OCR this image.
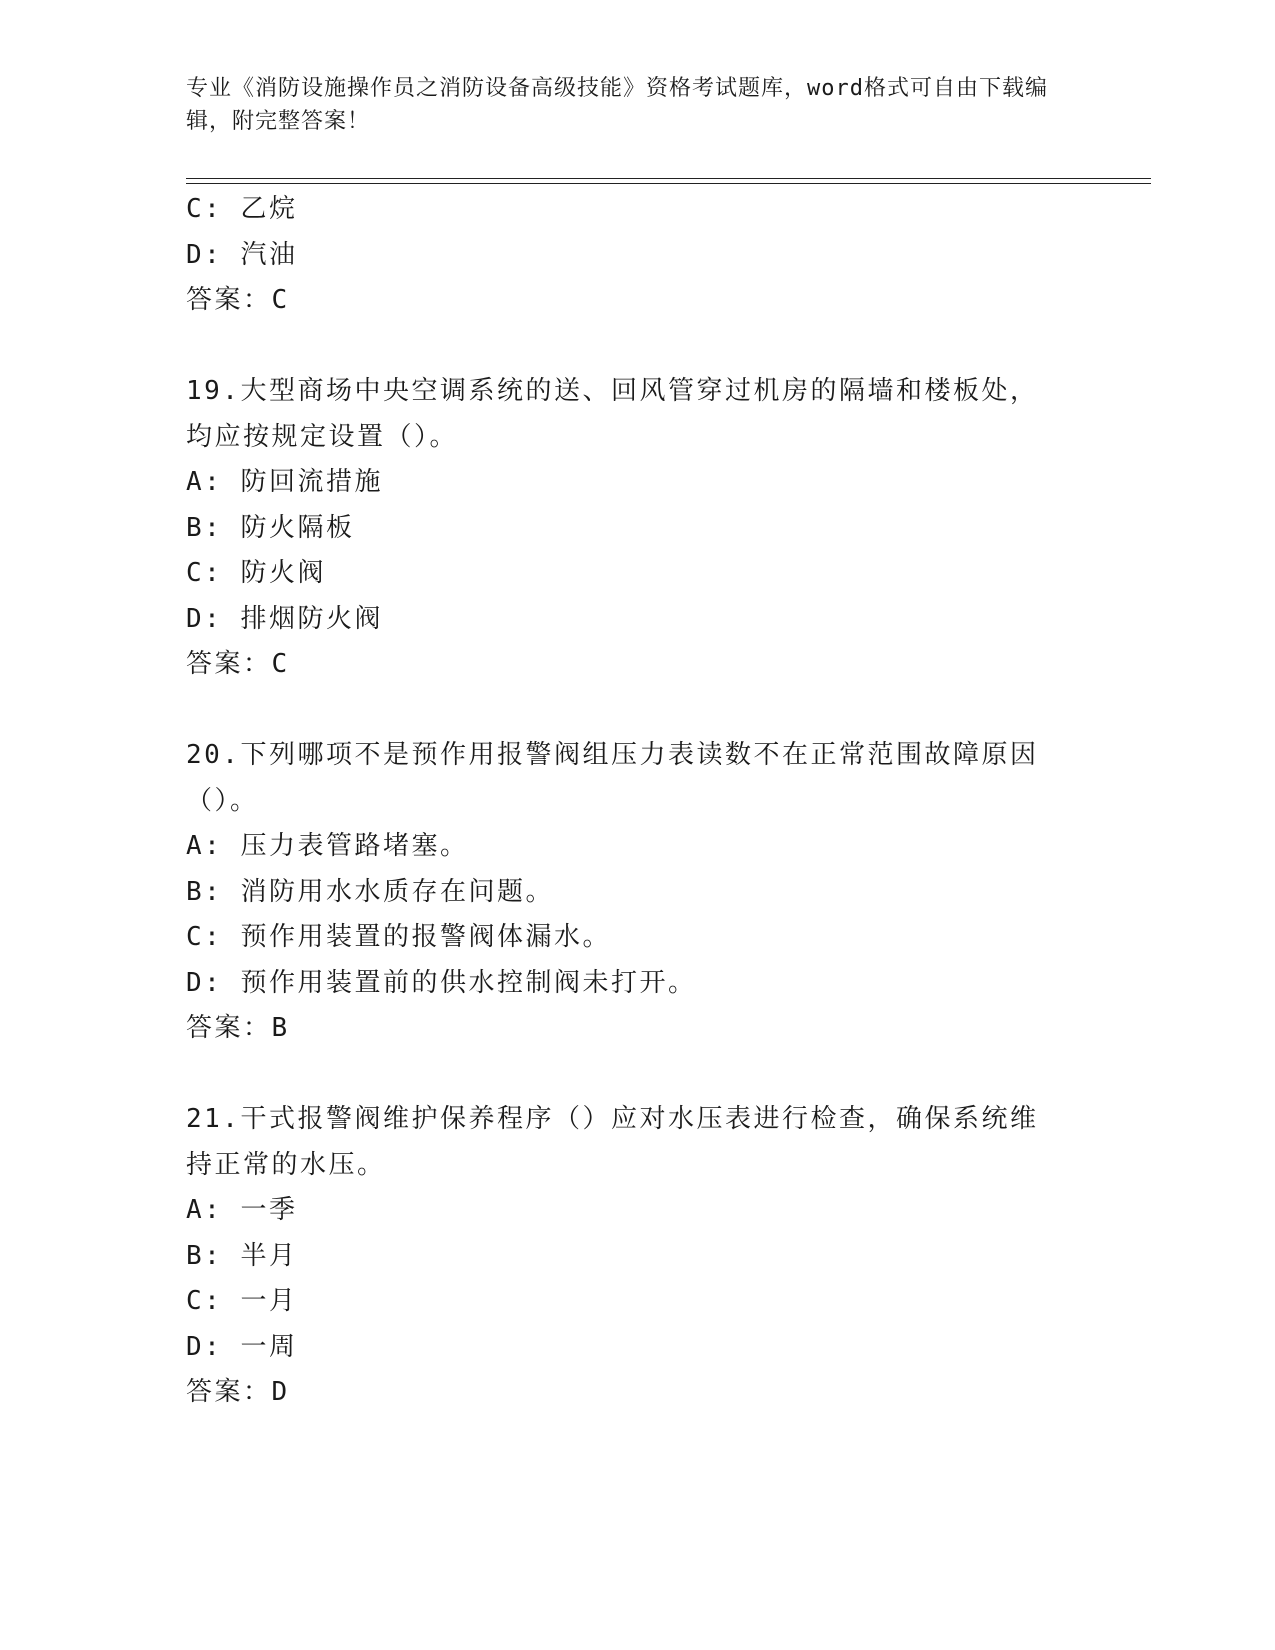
专业《消防设施操作员之消防设备高级技能》资格考试题库，word格式可自由下载编辑，附完整答案！
C: 乙烷
D: 汽油
答案：C
19.大型商场中央空调系统的送、回风管穿过机房的隔墙和楼板处，均应按规定设置（）。
A: 防回流措施
B: 防火隔板
C: 防火阀
D: 排烟防火阀
答案：C
20.下列哪项不是预作用报警阀组压力表读数不在正常范围故障原因（）。
A: 压力表管路堵塞。
B: 消防用水水质存在问题。
C: 预作用装置的报警阀体漏水。
D: 预作用装置前的供水控制阀未打开。
答案：B
21.干式报警阀维护保养程序（）应对水压表进行检查，确保系统维持正常的水压。
A: 一季
B: 半月
C: 一月
D: 一周
答案：D
